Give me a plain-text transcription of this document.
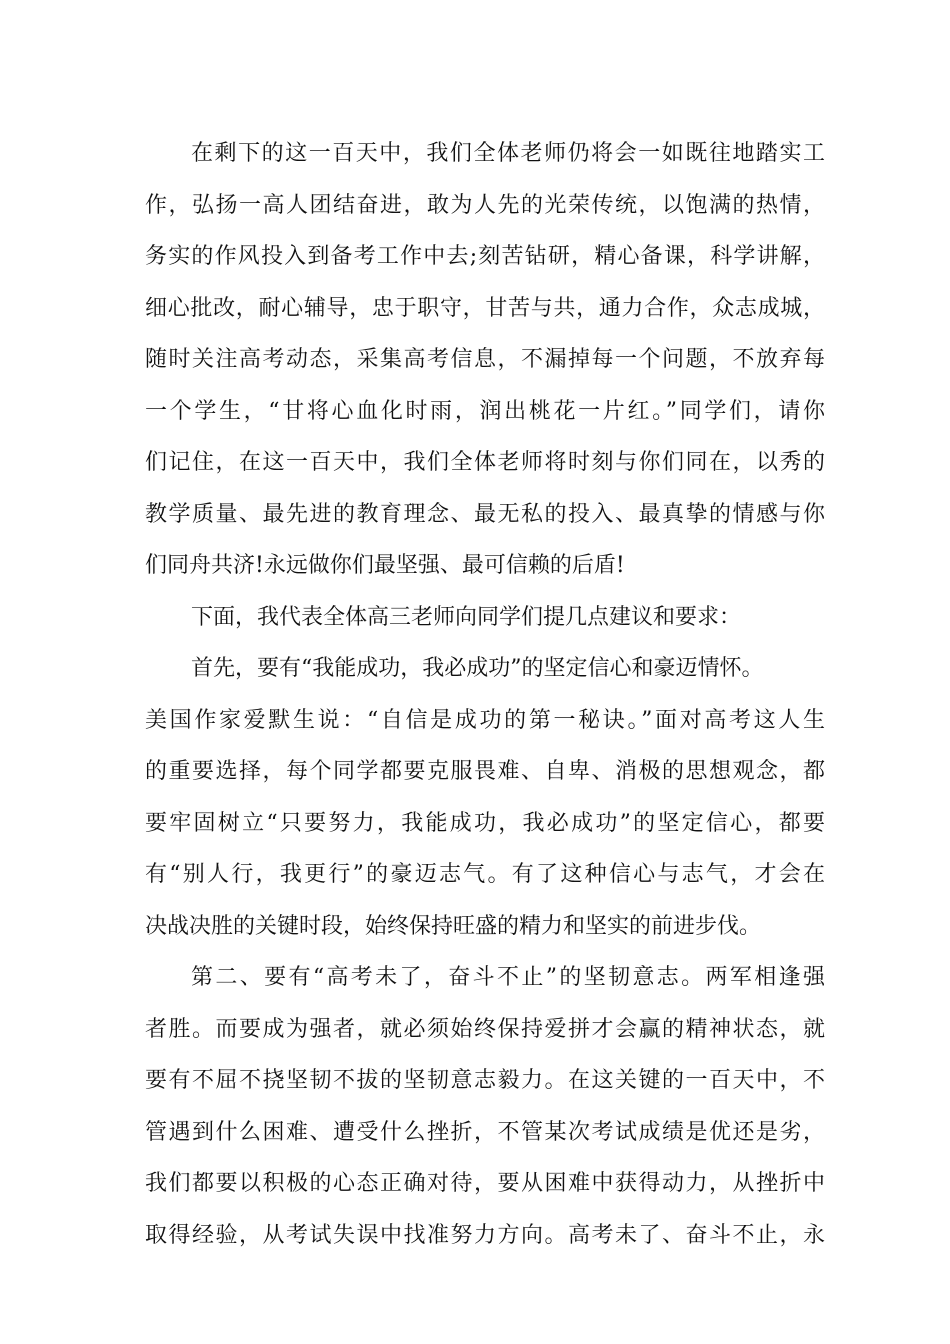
在剩下的这一百天中，我们全体老师仍将会一如既往地踏实工
作，弘扬一高人团结奋进，敢为人先的光荣传统，以饱满的热情，
务实的作风投入到备考工作中去;刻苦钻研，精心备课，科学讲解，
细心批改，耐心辅导，忠于职守，甘苦与共，通力合作，众志成城，
随时关注高考动态，采集高考信息，不漏掉每一个问题，不放弃每
一个学生，“甘将心血化时雨，润出桃花一片红。”同学们，请你
们记住，在这一百天中，我们全体老师将时刻与你们同在，以秀的
教学质量、最先进的教育理念、最无私的投入、最真挚的情感与你
们同舟共济!永远做你们最坚强、最可信赖的后盾!
下面，我代表全体高三老师向同学们提几点建议和要求：
首先，要有“我能成功，我必成功”的坚定信心和豪迈情怀。
美国作家爱默生说：“自信是成功的第一秘诀。”面对高考这人生
的重要选择，每个同学都要克服畏难、自卑、消极的思想观念，都
要牢固树立“只要努力，我能成功，我必成功”的坚定信心，都要
有“别人行，我更行”的豪迈志气。有了这种信心与志气，才会在
决战决胜的关键时段，始终保持旺盛的精力和坚实的前进步伐。
第二、要有“高考未了，奋斗不止”的坚韧意志。两军相逢强
者胜。而要成为强者，就必须始终保持爱拼才会赢的精神状态，就
要有不屈不挠坚韧不拔的坚韧意志毅力。在这关键的一百天中，不
管遇到什么困难、遭受什么挫折，不管某次考试成绩是优还是劣，
我们都要以积极的心态正确对待，要从困难中获得动力，从挫折中
取得经验，从考试失误中找准努力方向。高考未了、奋斗不止，永
